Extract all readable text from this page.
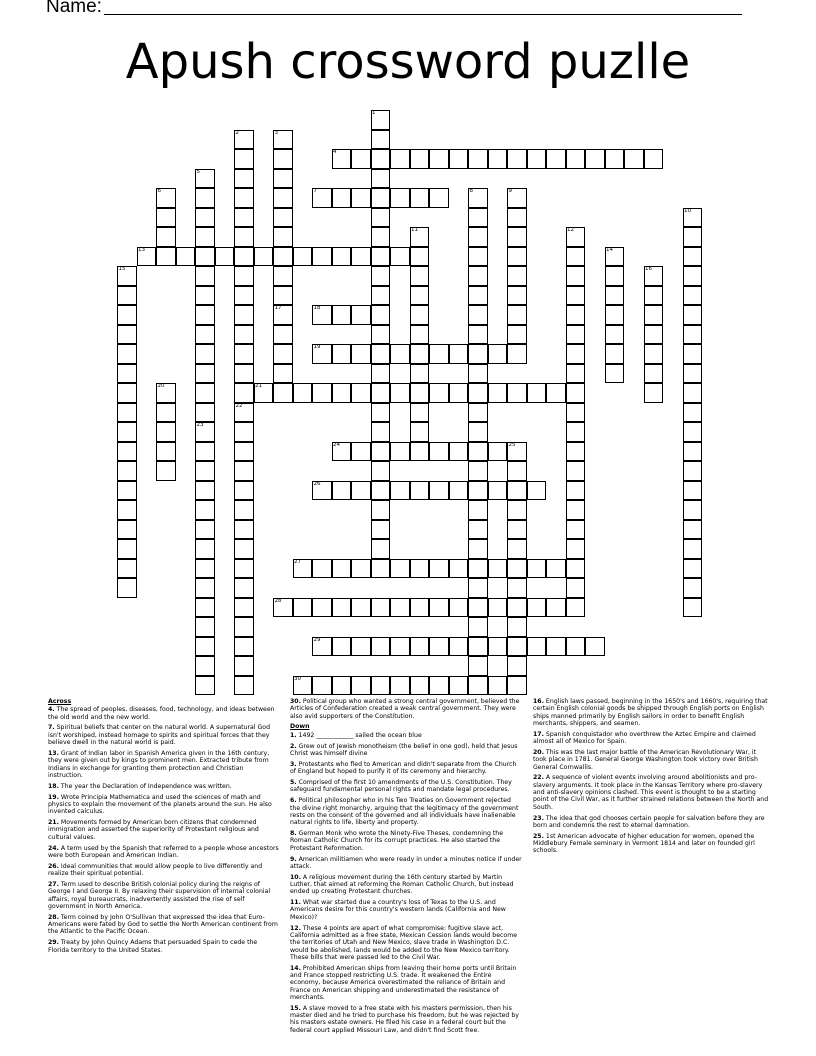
Name:
Apush crossword puzlle
1
2	3
4
5
6	7	8	9
10
11	12
13	14
15	16
17	18
19
20	21
22
23
24	25
26
27
28
29
30
Across

4. The spread of peoples, diseases, food, technology, and ideas between the old world and the new world.

7. Spiritual beliefs that center on the natural world. A supernatural God isn't worshiped, instead homage to spirits and spiritual forces that they believe dwell in the natural world is paid.

13. Grant of Indian labor in Spanish America given in the 16th century, they were given out by kings to prominent men. Extracted tribute from Indians in exchange for granting them protection and Christian instruction.

18. The year the Declaration of Independence was written.

19. Wrote Principia Mathematica and used the sciences of math and physics to explain the movement of the planets around the sun. He also invented calculus.

21. Movements formed by American born citizens that condemned immigration and asserted the superiority of Protestant religious and cultural values.

24. A term used by the Spanish that referred to a people whose ancestors were both European and American Indian.

26. Ideal communities that would allow people to live differently and realize their spiritual potential.

27. Term used to describe British colonial policy during the reigns of George I and George II. By relaxing their supervision of internal colonial affairs, royal bureaucrats, inadvertently assisted the rise of self government in North America.

28. Term coined by John O'Sullivan that expressed the idea that Euro-Americans were fated by God to settle the North American continent from the Atlantic to the Pacific Ocean.

29. Treaty by John Quincy Adams that persuaded Spain to cede the Florida territory to the United States.

30. Political group who wanted a strong central government, believed the Articles of Confederation created a weak central government. They were also avid supporters of the Constitution.

Down

1. 1492 ____________ sailed the ocean blue

2. Grew out of Jewish monotheism (the belief in one god), held that Jesus Christ was himself divine

3. Protestants who fled to American and didn't separate from the Church of England but hoped to purify it of its ceremony and hierarchy.

5. Comprised of the first 10 amendments of the U.S. Constitution. They safeguard fundamental personal rights and mandate legal procedures.

6. Political philosopher who in his Two Treaties on Government rejected the divine right monarchy, arguing that the legitimacy of the government rests on the consent of the governed and all individuals have inalienable natural rights to life, liberty and property.

8. German Monk who wrote the Ninety-Five Theses, condemning the Roman Catholic Church for its corrupt practices. He also started the Protestant Reformation.

9. American militiamen who were ready in under a minutes notice if under attack.

10. A religious movement during the 16th century started by Martin Luther, that aimed at reforming the Roman Catholic Church, but instead ended up creating Protestant churches.

11. What war started due a country's loss of Texas to the U.S. and Americans desire for this country's western lands (California and New Mexico)?

12. These 4 points are apart of what compromise: fugitive slave act, California admitted as a free state, Mexican Cession lands would become the territories of Utah and New Mexico, slave trade in Washington D.C. would be abolished, lands would be added to the New Mexico territory. These bills that were passed led to the Civil War.

14. Prohibited American ships from leaving their home ports until Britain and France stopped restricting U.S. trade. It weakened the Entire economy, because America overestimated the reliance of Britain and France on American shipping and underestimated the resistance of merchants.

15. A slave moved to a free state with his masters permission, then his master died and he tried to purchase his freedom, but he was rejected by his masters estate owners. He filed his case in a federal court but the federal court applied Missouri Law, and didn't find Scott free.

16. English laws passed, beginning in the 1650's and 1660's, requiring that certain English colonial goods be shipped through English ports on English ships manned primarily by English sailors in order to benefit English merchants, shippers, and seamen.

17. Spanish conquistador who overthrew the Aztec Empire and claimed almost all of Mexico for Spain.

20. This was the last major battle of the American Revolutionary War, it took place in 1781. General George Washington took victory over British General Cornwallis.

22. A sequence of violent events involving around abolitionists and pro-slavery arguments. It took place in the Kansas Territory where pro-slavery and anti-slavery opinions clashed. This event is thought to be a starting point of the Civil War, as it further strained relations between the North and South.

23. The idea that god chooses certain people for salvation before they are born and condemns the rest to eternal damnation.

25. 1st American advocate of higher education for women, opened the Middlebury Female seminary in Vermont 1814 and later on founded girl schools.
